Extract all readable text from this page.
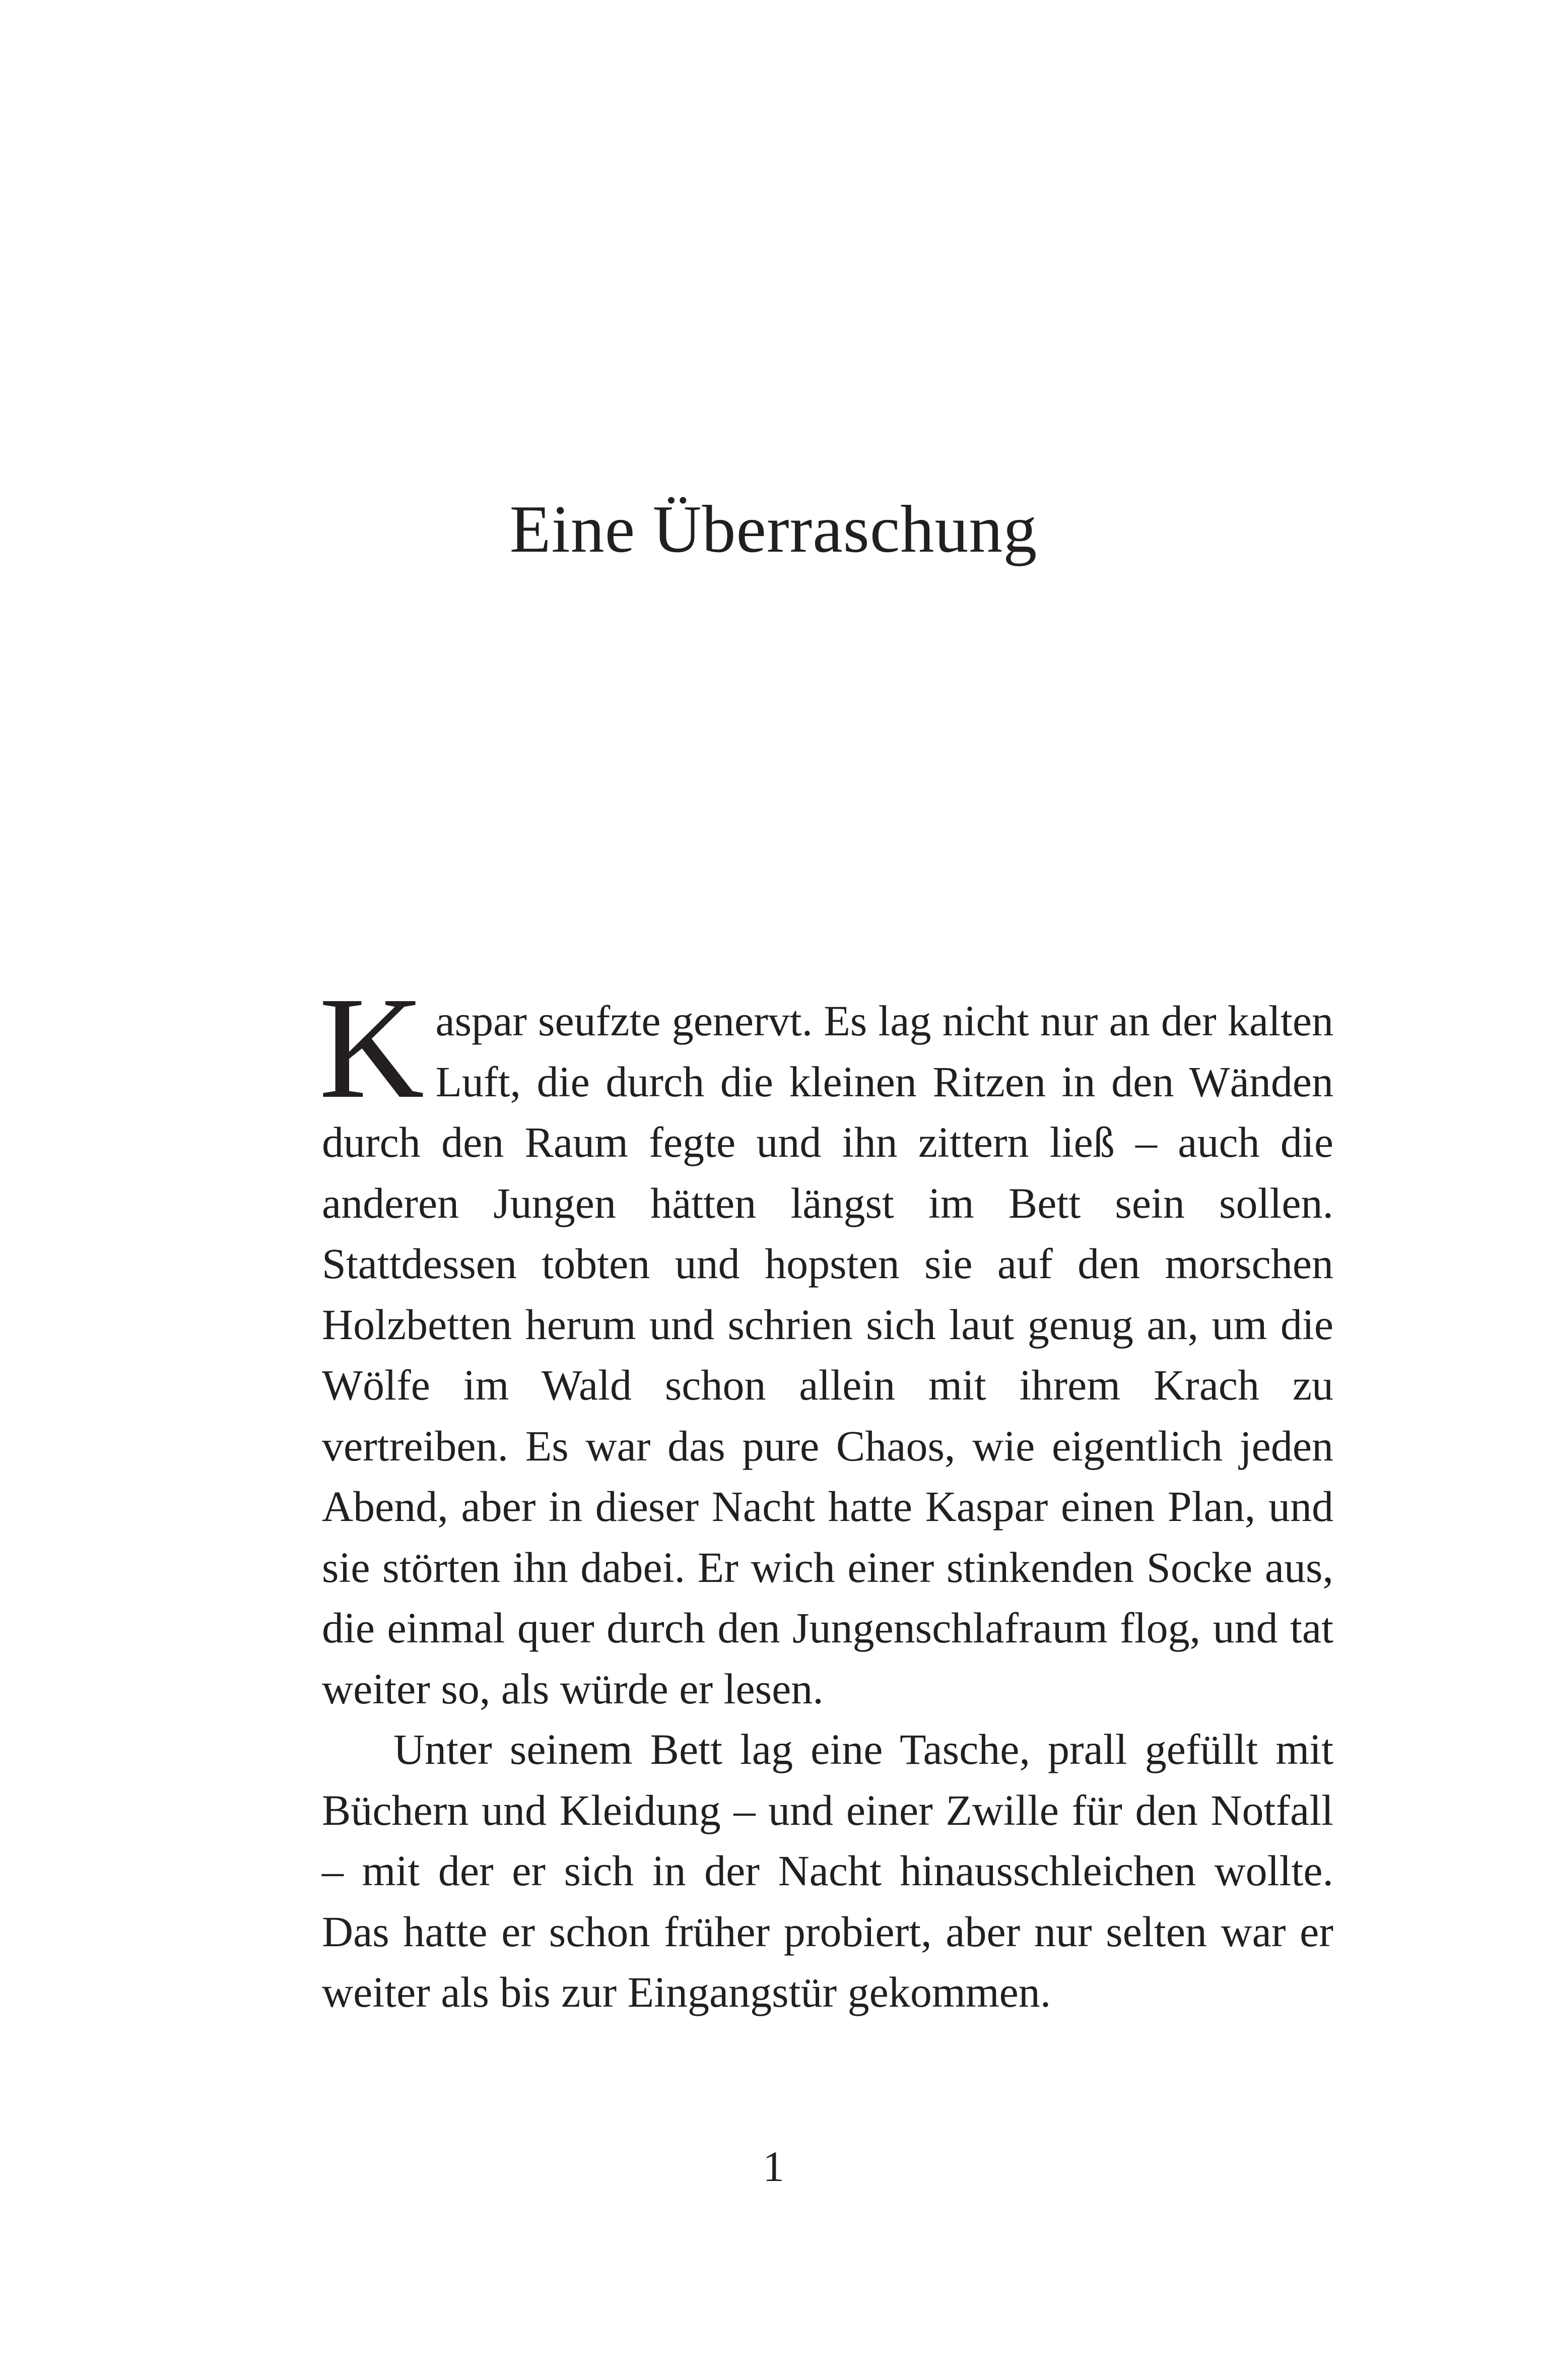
Eine Überraschung

Kaspar seufzte genervt. Es lag nicht nur an der kalten Luft, die durch die kleinen Ritzen in den Wänden durch den Raum fegte und ihn zittern ließ – auch die anderen Jungen hätten längst im Bett sein sollen. Stattdessen tobten und hopsten sie auf den morschen Holzbetten herum und schrien sich laut genug an, um die Wölfe im Wald schon allein mit ihrem Krach zu vertreiben. Es war das pure Chaos, wie eigentlich jeden Abend, aber in dieser Nacht hatte Kaspar einen Plan, und sie störten ihn dabei. Er wich einer stinkenden Socke aus, die einmal quer durch den Jungenschlafraum flog, und tat weiter so, als würde er lesen.

Unter seinem Bett lag eine Tasche, prall gefüllt mit Büchern und Kleidung – und einer Zwille für den Notfall – mit der er sich in der Nacht hinausschleichen wollte. Das hatte er schon früher probiert, aber nur selten war er weiter als bis zur Eingangstür gekommen.

1
